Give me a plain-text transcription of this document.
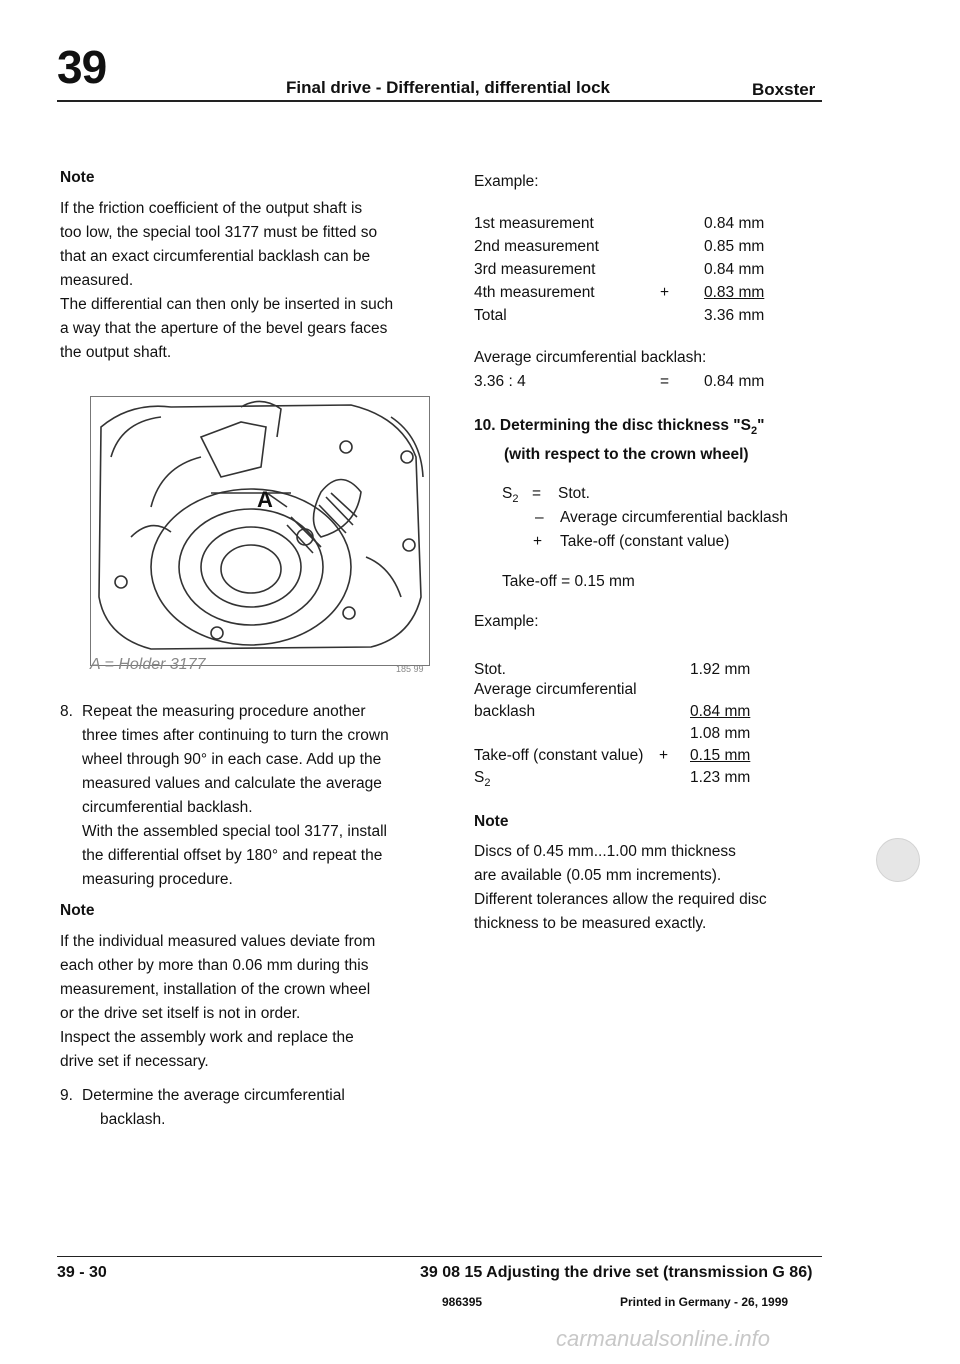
39	Final drive - Differential, differential lock	Boxster
Note
If the friction coefficient of the output shaft is
too low, the special tool 3177 must be fitted so
that an exact circumferential backlash can be
measured.
The differential can then only be inserted in such
a way that the aperture of the bevel gears faces
the output shaft.
A
A = Holder 3177	185 99
8. Repeat the measuring procedure another
three times after continuing to turn the crown
wheel through 90° in each case. Add up the
measured values and calculate the average
circumferential backlash.
With the assembled special tool 3177, install
the differential offset by 180° and repeat the
measuring procedure.
Note
If the individual measured values deviate from
each other by more than 0.06 mm during this
measurement, installation of the crown wheel
or the drive set itself is not in order.
Inspect the assembly work and replace the
drive set if necessary.
9. Determine the average circumferential
backlash.
Example:
1st measurement	0.84 mm
2nd measurement	0.85 mm
3rd measurement	0.84 mm
4th measurement	+ 0.83 mm
Total	3.36 mm
Average circumferential backlash:
3.36 : 4	= 0.84 mm
10. Determining the disc thickness "$S_2$"
(with respect to the crown wheel)
$S_2$ = Stot.
– Average circumferential backlash
+ Take-off (constant value)
Take-off = 0.15 mm
Example:
Stot.	1.92 mm
Average circumferential
backlash	0.84 mm
1.08 mm
Take-off (constant value) + 0.15 mm
$S_2$	1.23 mm
Note
Discs of 0.45 mm...1.00 mm thickness
are available (0.05 mm increments).
Different tolerances allow the required disc
thickness to be measured exactly.
39 - 30	39 08 15 Adjusting the drive set (transmission G 86)
986395	Printed in Germany - 26, 1999
carmanualsonline.info
